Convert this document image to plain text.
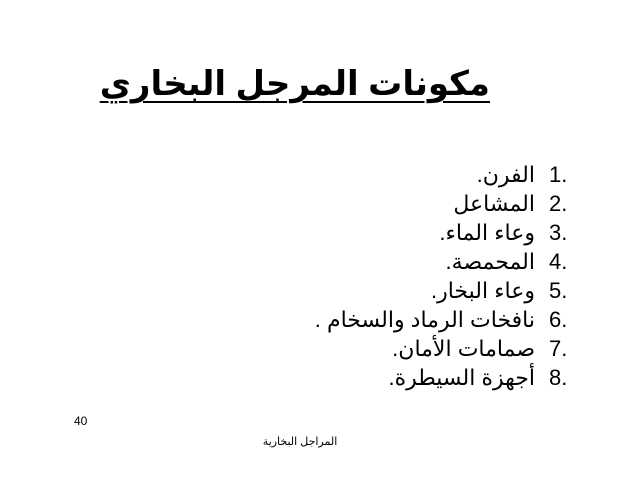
مكونات المرجل البخاري
الفرن. 1.
المشاعل 2.
وعاء الماء. 3.
المحمصة. 4.
وعاء البخار. 5.
نافخات الرماد والسخام . 6.
صمامات الأمان. 7.
أجهزة السيطرة. 8.
40
المراجل البخارية
